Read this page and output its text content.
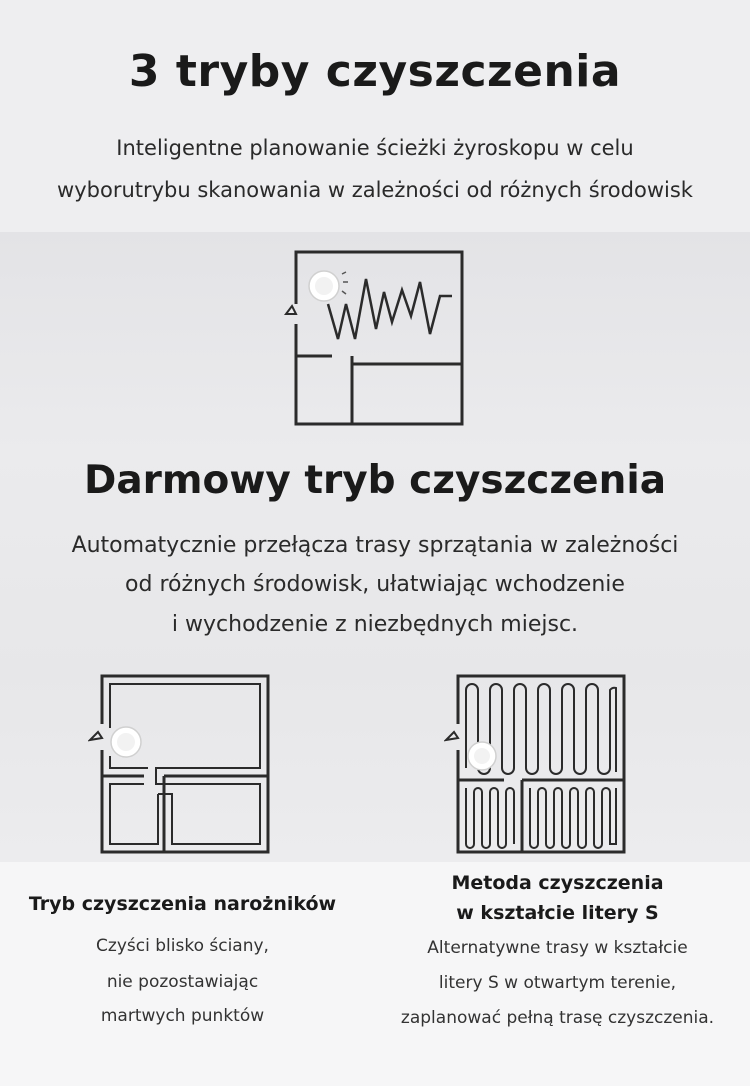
3 tryby czyszczenia

Inteligentne planowanie ścieżki żyroskopu w celu

wyborutrybu skanowania w zależności od różnych środowisk

Darmowy tryb czyszczenia

Automatycznie przełącza trasy sprzątania w zależności

od różnych środowisk, ułatwiając wchodzenie

i wychodzenie z niezbędnych miejsc.

Tryb czyszczenia narożników

Czyści blisko ściany,

nie pozostawiając

martwych punktów

Metoda czyszczenia

w kształcie litery S

Alternatywne trasy w kształcie

litery S w otwartym terenie,

zaplanować pełną trasę czyszczenia.
